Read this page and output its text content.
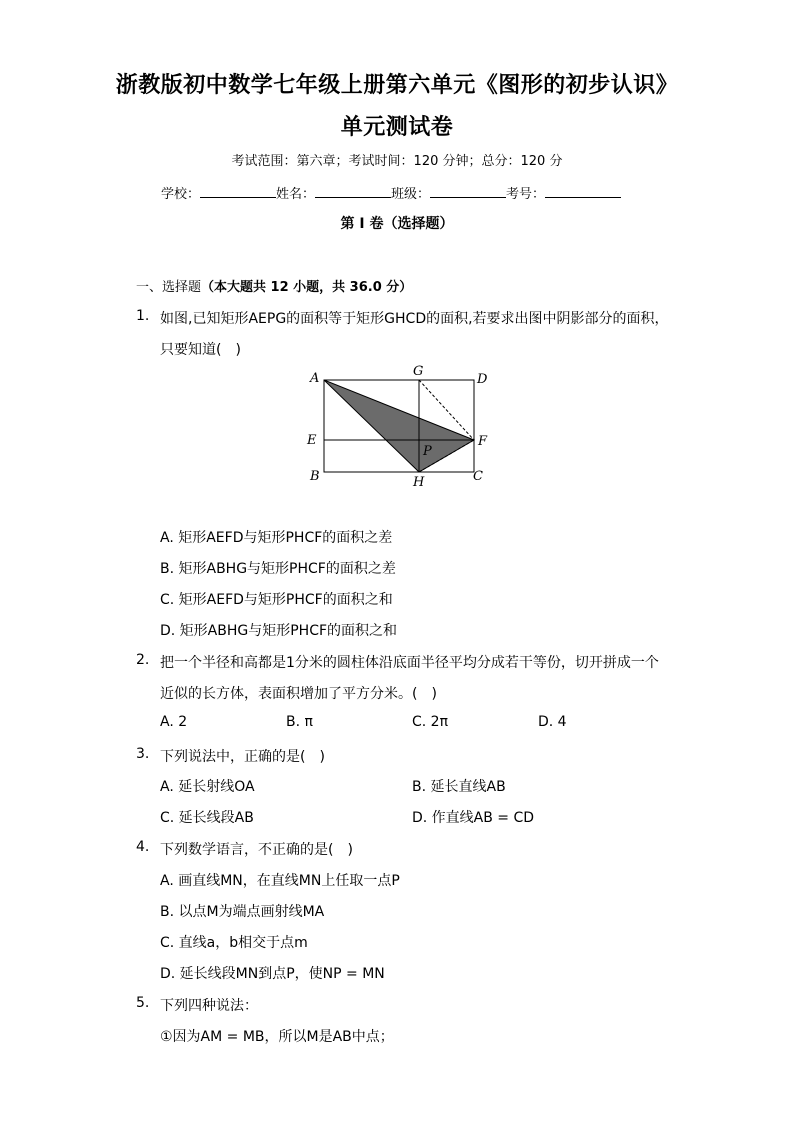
浙教版初中数学七年级上册第六单元《图形的初步认识》
单元测试卷
考试范围：第六章；考试时间：120 分钟；总分：120 分
学校：	姓名：	班级：	考号：
第 I 卷（选择题）
一、选择题（本大题共 12 小题，共 36.0 分）
1. 如图,已知矩形AEPG的面积等于矩形GHCD的面积,若要求出图中阴影部分的面积，
只要知道(　)
A	G
D
E	F
P
B	H	C
A. 矩形AEFD与矩形PHCF的面积之差
B. 矩形ABHG与矩形PHCF的面积之差
C. 矩形AEFD与矩形PHCF的面积之和
D. 矩形ABHG与矩形PHCF的面积之和
2. 把一个半径和高都是1分米的圆柱体沿底面半径平均分成若干等份，切开拼成一个
近似的长方体，表面积增加了平方分米。(　)
A. 2	B. π	C. 2π	D. 4
3. 下列说法中，正确的是(　)
A. 延长射线OA	B. 延长直线AB
C. 延长线段AB	D. 作直线AB = CD
4. 下列数学语言，不正确的是(　)
A. 画直线MN，在直线MN上任取一点P
B. 以点M为端点画射线MA
C. 直线a，b相交于点m
D. 延长线段MN到点P，使NP = MN
5. 下列四种说法：
①因为AM = MB，所以M是AB中点；
